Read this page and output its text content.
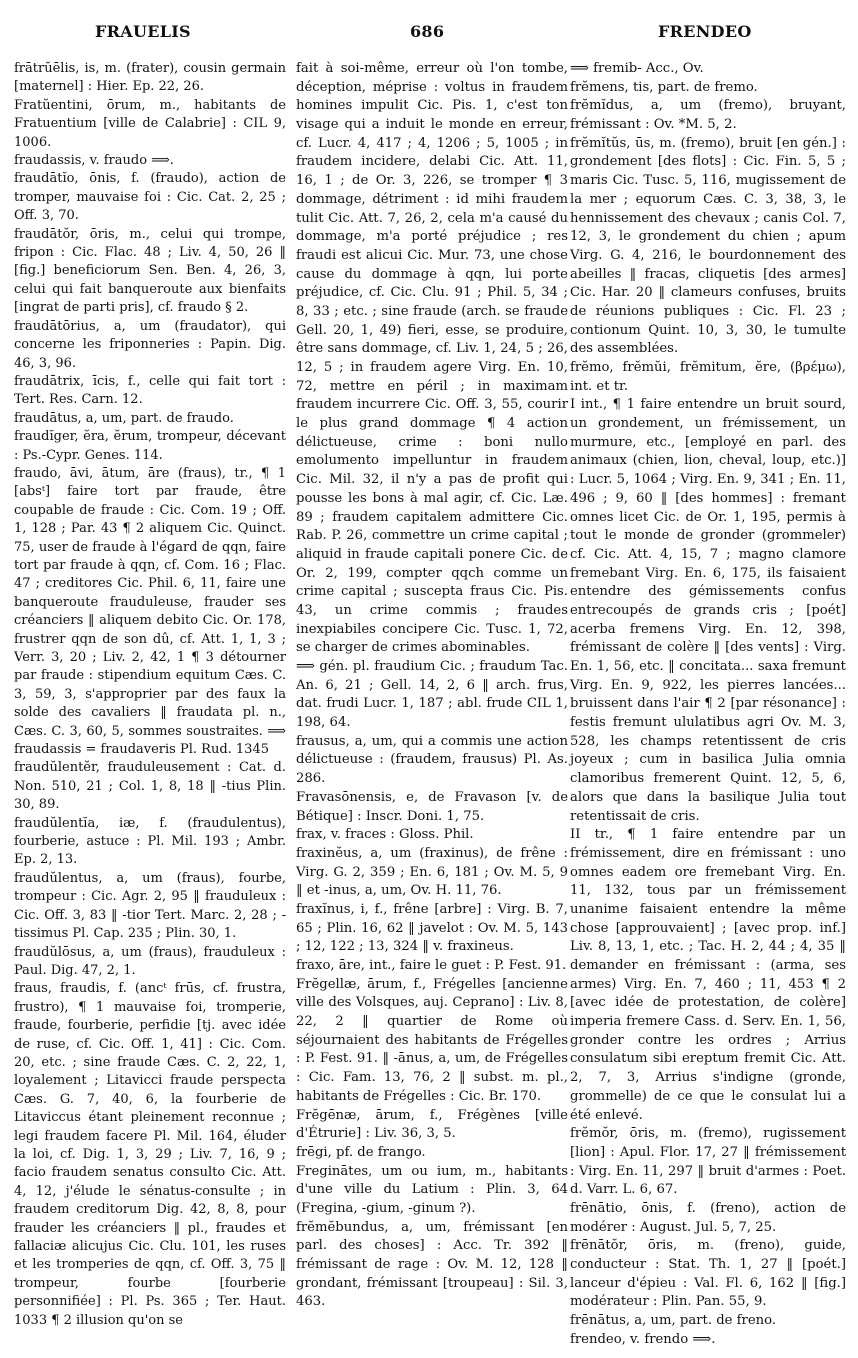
FRAUELIS	686	FRENDEO

frātrŭēlis, is, m. (frater), cousin germain [maternel] : Hier. Ep. 22, 26.

Fratŭentini, ōrum, m., habitants de Fratuentium [ville de Calabrie] : CIL 9, 1006.

fraudassis, v. fraudo ⟹.

fraudātĭo, ōnis, f. (fraudo), action de tromper, mauvaise foi : Cic. Cat. 2, 25 ; Off. 3, 70.

fraudātŏr, ōris, m., celui qui trompe, fripon : Cic. Flac. 48 ; Liv. 4, 50, 26 ‖ [fig.] beneficiorum Sen. Ben. 4, 26, 3, celui qui fait banqueroute aux bienfaits [ingrat de parti pris], cf. fraudo § 2.

fraudātōrius, a, um (fraudator), qui concerne les friponneries : Papin. Dig. 46, 3, 96.

fraudātrix, īcis, f., celle qui fait tort : Tert. Res. Carn. 12.

fraudātus, a, um, part. de fraudo.

fraudĭger, ĕra, ĕrum, trompeur, décevant : Ps.-Cypr. Genes. 114.

fraudo, āvi, ātum, āre (fraus), tr., ¶ 1 [absᵗ] faire tort par fraude, être coupable de fraude : Cic. Com. 19 ; Off. 1, 128 ; Par. 43 ¶ 2 aliquem Cic. Quinct. 75, user de fraude à l'égard de qqn, faire tort par fraude à qqn, cf. Com. 16 ; Flac. 47 ; creditores Cic. Phil. 6, 11, faire une banqueroute frauduleuse, frauder ses créanciers ‖ aliquem debito Cic. Or. 178, frustrer qqn de son dû, cf. Att. 1, 1, 3 ; Verr. 3, 20 ; Liv. 2, 42, 1 ¶ 3 détourner par fraude : stipendium equitum Cæs. C. 3, 59, 3, s'approprier par des faux la solde des cavaliers ‖ fraudata pl. n., Cæs. C. 3, 60, 5, sommes soustraites. ⟹ fraudassis = fraudaveris Pl. Rud. 1345

fraudŭlentĕr, frauduleusement : Cat. d. Non. 510, 21 ; Col. 1, 8, 18 ‖ -tius Plin. 30, 89.

fraudŭlentĭa, iæ, f. (fraudulentus), fourberie, astuce : Pl. Mil. 193 ; Ambr. Ep. 2, 13.

fraudŭlentus, a, um (fraus), fourbe, trompeur : Cic. Agr. 2, 95 ‖ frauduleux : Cic. Off. 3, 83 ‖ -tior Tert. Marc. 2, 28 ; -tissimus Pl. Cap. 235 ; Plin. 30, 1.

fraudŭlōsus, a, um (fraus), frauduleux : Paul. Dig. 47, 2, 1.

fraus, fraudis, f. (ancᵗ frūs, cf. frustra, frustro), ¶ 1 mauvaise foi, tromperie, fraude, fourberie, perfidie [tj. avec idée de ruse, cf. Cic. Off. 1, 41] : Cic. Com. 20, etc. ; sine fraude Cæs. C. 2, 22, 1, loyalement ; Litavicci fraude perspecta Cæs. G. 7, 40, 6, la fourberie de Litaviccus étant pleinement reconnue ; legi fraudem facere Pl. Mil. 164, éluder la loi, cf. Dig. 1, 3, 29 ; Liv. 7, 16, 9 ; facio fraudem senatus consulto Cic. Att. 4, 12, j'élude le sénatus-consulte ; in fraudem creditorum Dig. 42, 8, 8, pour frauder les créanciers ‖ pl., fraudes et fallaciæ alicujus Cic. Clu. 101, les ruses et les tromperies de qqn, cf. Off. 3, 75 ‖ trompeur, fourbe [fourberie personnifiée] : Pl. Ps. 365 ; Ter. Haut. 1033 ¶ 2 illusion qu'on se

fait à soi-même, erreur où l'on tombe, déception, méprise : voltus in fraudem homines impulit Cic. Pis. 1, c'est ton visage qui a induit le monde en erreur, cf. Lucr. 4, 417 ; 4, 1206 ; 5, 1005 ; in fraudem incidere, delabi Cic. Att. 11, 16, 1 ; de Or. 3, 226, se tromper ¶ 3 dommage, détriment : id mihi fraudem tulit Cic. Att. 7, 26, 2, cela m'a causé du dommage, m'a porté préjudice ; res fraudi est alicui Cic. Mur. 73, une chose cause du dommage à qqn, lui porte préjudice, cf. Cic. Clu. 91 ; Phil. 5, 34 ; 8, 33 ; etc. ; sine fraude (arch. se fraude Gell. 20, 1, 49) fieri, esse, se produire, être sans dommage, cf. Liv. 1, 24, 5 ; 26, 12, 5 ; in fraudem agere Virg. En. 10, 72, mettre en péril ; in maximam fraudem incurrere Cic. Off. 3, 55, courir le plus grand dommage ¶ 4 action délictueuse, crime : boni nullo emolumento impelluntur in fraudem Cic. Mil. 32, il n'y a pas de profit qui pousse les bons à mal agir, cf. Cic. Læ. 89 ; fraudem capitalem admittere Cic. Rab. P. 26, commettre un crime capital ; aliquid in fraude capitali ponere Cic. de Or. 2, 199, compter qqch comme un crime capital ; suscepta fraus Cic. Pis. 43, un crime commis ; fraudes inexpiabiles concipere Cic. Tusc. 1, 72, se charger de crimes abominables.

⟹ gén. pl. fraudium Cic. ; fraudum Tac. An. 6, 21 ; Gell. 14, 2, 6 ‖ arch. frus, dat. frudi Lucr. 1, 187 ; abl. frude CIL 1, 198, 64.

frausus, a, um, qui a commis une action délictueuse : (fraudem, frausus) Pl. As. 286.

Fravasōnensis, e, de Fravason [v. de Bétique] : Inscr. Doni. 1, 75.

frax, v. fraces : Gloss. Phil.

fraxinĕus, a, um (fraxinus), de frêne : Virg. G. 2, 359 ; En. 6, 181 ; Ov. M. 5, 9 ‖ et -inus, a, um, Ov. H. 11, 76.

fraxĭnus, i, f., frêne [arbre] : Virg. B. 7, 65 ; Plin. 16, 62 ‖ javelot : Ov. M. 5, 143 ; 12, 122 ; 13, 324 ‖ v. fraxineus.

fraxo, āre, int., faire le guet : P. Fest. 91.

Frĕgellæ, ārum, f., Frégelles [ancienne ville des Volsques, auj. Ceprano] : Liv. 8, 22, 2 ‖ quartier de Rome où séjournaient des habitants de Frégelles : P. Fest. 91. ‖ -ānus, a, um, de Frégelles : Cic. Fam. 13, 76, 2 ‖ subst. m. pl., habitants de Frégelles : Cic. Br. 170.

Frĕgēnæ, ārum, f., Frégènes [ville d'Étrurie] : Liv. 36, 3, 5.

frēgi, pf. de frango.

Freginātes, um ou ium, m., habitants d'une ville du Latium : Plin. 3, 64 (Fregina, -gium, -ginum ?).

frĕmĕbundus, a, um, frémissant [en parl. des choses] : Acc. Tr. 392 ‖ frémissant de rage : Ov. M. 12, 128 ‖ grondant, frémissant [troupeau] : Sil. 3, 463.

⟹ fremib- Acc., Ov.

frĕmens, tis, part. de fremo.

frĕmĭdus, a, um (fremo), bruyant, frémissant : Ov. *M. 5, 2.

frĕmĭtŭs, ūs, m. (fremo), bruit [en gén.] : grondement [des flots] : Cic. Fin. 5, 5 ; maris Cic. Tusc. 5, 116, mugissement de la mer ; equorum Cæs. C. 3, 38, 3, le hennissement des chevaux ; canis Col. 7, 12, 3, le grondement du chien ; apum Virg. G. 4, 216, le bourdonnement des abeilles ‖ fracas, cliquetis [des armes] Cic. Har. 20 ‖ clameurs confuses, bruits de réunions publiques : Cic. Fl. 23 ; contionum Quint. 10, 3, 30, le tumulte des assemblées.

frĕmo, frĕmŭi, frĕmitum, ĕre, (βρέμω), int. et tr.

I int., ¶ 1 faire entendre un bruit sourd, un grondement, un frémissement, un murmure, etc., [employé en parl. des animaux (chien, lion, cheval, loup, etc.)] : Lucr. 5, 1064 ; Virg. En. 9, 341 ; En. 11, 496 ; 9, 60 ‖ [des hommes] : fremant omnes licet Cic. de Or. 1, 195, permis à tout le monde de gronder (grommeler) cf. Cic. Att. 4, 15, 7 ; magno clamore fremebant Virg. En. 6, 175, ils faisaient entendre des gémissements confus entrecoupés de grands cris ; [poét] acerba fremens Virg. En. 12, 398, frémissant de colère ‖ [des vents] : Virg. En. 1, 56, etc. ‖ concitata... saxa fremunt Virg. En. 9, 922, les pierres lancées... bruissent dans l'air ¶ 2 [par résonance] : festis fremunt ululatibus agri Ov. M. 3, 528, les champs retentissent de cris joyeux ; cum in basilica Julia omnia clamoribus fremerent Quint. 12, 5, 6, alors que dans la basilique Julia tout retentissait de cris.

II tr., ¶ 1 faire entendre par un frémissement, dire en frémissant : uno omnes eadem ore fremebant Virg. En. 11, 132, tous par un frémissement unanime faisaient entendre la même chose [approuvaient] ; [avec prop. inf.] Liv. 8, 13, 1, etc. ; Tac. H. 2, 44 ; 4, 35 ‖ demander en frémissant : (arma, ses armes) Virg. En. 7, 460 ; 11, 453 ¶ 2 [avec idée de protestation, de colère] imperia fremere Cass. d. Serv. En. 1, 56, gronder contre les ordres ; Arrius consulatum sibi ereptum fremit Cic. Att. 2, 7, 3, Arrius s'indigne (gronde, grommelle) de ce que le consulat lui a été enlevé.

frĕmŏr, ōris, m. (fremo), rugissement [lion] : Apul. Flor. 17, 27 ‖ frémissement : Virg. En. 11, 297 ‖ bruit d'armes : Poet. d. Varr. L. 6, 67.

frēnātio, ōnis, f. (freno), action de modérer : August. Jul. 5, 7, 25.

frēnātŏr, ōris, m. (freno), guide, conducteur : Stat. Th. 1, 27 ‖ [poét.] lanceur d'épieu : Val. Fl. 6, 162 ‖ [fig.] modérateur : Plin. Pan. 55, 9.

frēnātus, a, um, part. de freno.

frendeo, v. frendo ⟹.
